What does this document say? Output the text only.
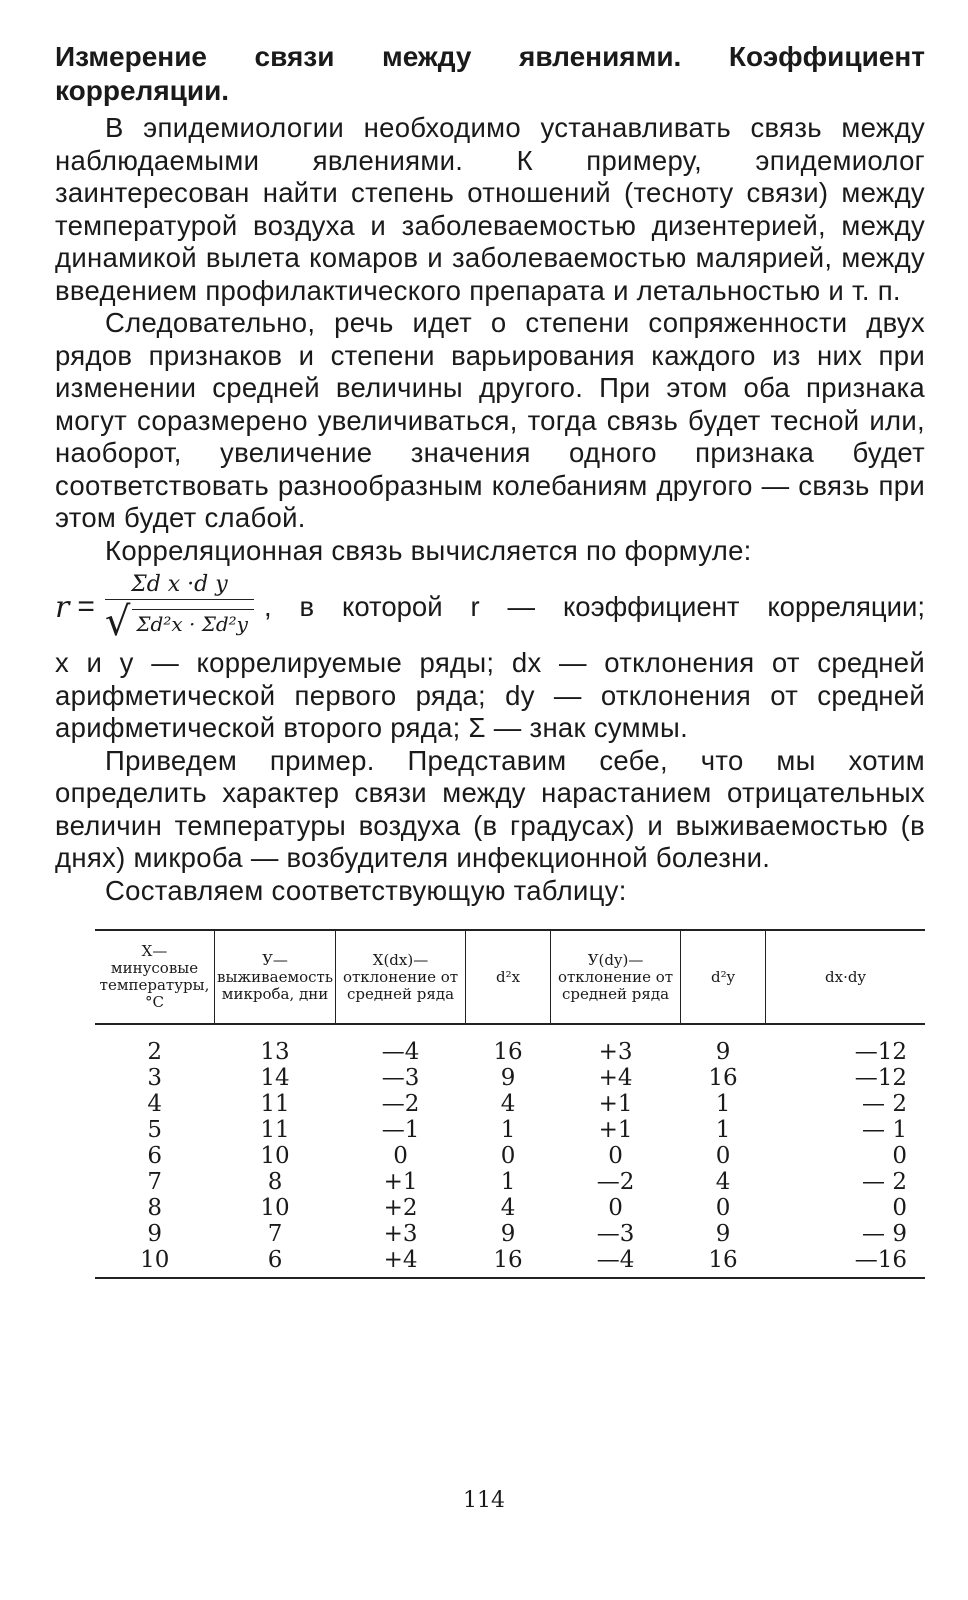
Измерение связи между явлениями. Коэффициент корреляции.

В эпидемиологии необходимо устанавливать связь между наблюдаемыми явлениями. К примеру, эпидемиолог заинтересован найти степень отношений (тесноту связи) между температурой воздуха и заболеваемостью дизентерией, между динамикой вылета комаров и заболеваемостью малярией, между введением профилактического препарата и летальностью и т. п.

Следовательно, речь идет о степени сопряженности двух рядов признаков и степени варьирования каждого из них при изменении средней величины другого. При этом оба признака могут соразмерено увеличиваться, тогда связь будет тесной или, наоборот, увеличение значения одного признака будет соответствовать разнообразным колебаниям другого — связь при этом будет слабой.

Корреляционная связь вычисляется по формуле:

$r = \frac{\text{Σd x ·d y}}{\text{√ Σd²x · Σd²y}}$ , в которой r — коэффициент корреляции;

x и y — коррелируемые ряды; dx — отклонения от средней арифметической первого ряда; dy — отклонения от средней арифметической второго ряда; Σ — знак суммы.

Приведем пример. Представим себе, что мы хотим определить характер связи между нарастанием отрицательных величин температуры воздуха (в градусах) и выживаемостью (в днях) микроба — возбудителя инфекционной болезни.

Составляем соответствующую таблицу:

X— минусовые температуры, °C	У— выживаемость микроба, дни	X(dx)— отклонение от средней ряда	d²x	У(dy)— отклонение от средней ряда	d²y	dx·dy
2	13	—4	16	+3	9	—12
3	14	—3	9	+4	16	—12
4	11	—2	4	+1	1	— 2
5	11	—1	1	+1	1	— 1
6	10	0	0	0	0	0
7	8	+1	1	—2	4	— 2
8	10	+2	4	0	0	0
9	7	+3	9	—3	9	— 9
10	6	+4	16	—4	16	—16
114
